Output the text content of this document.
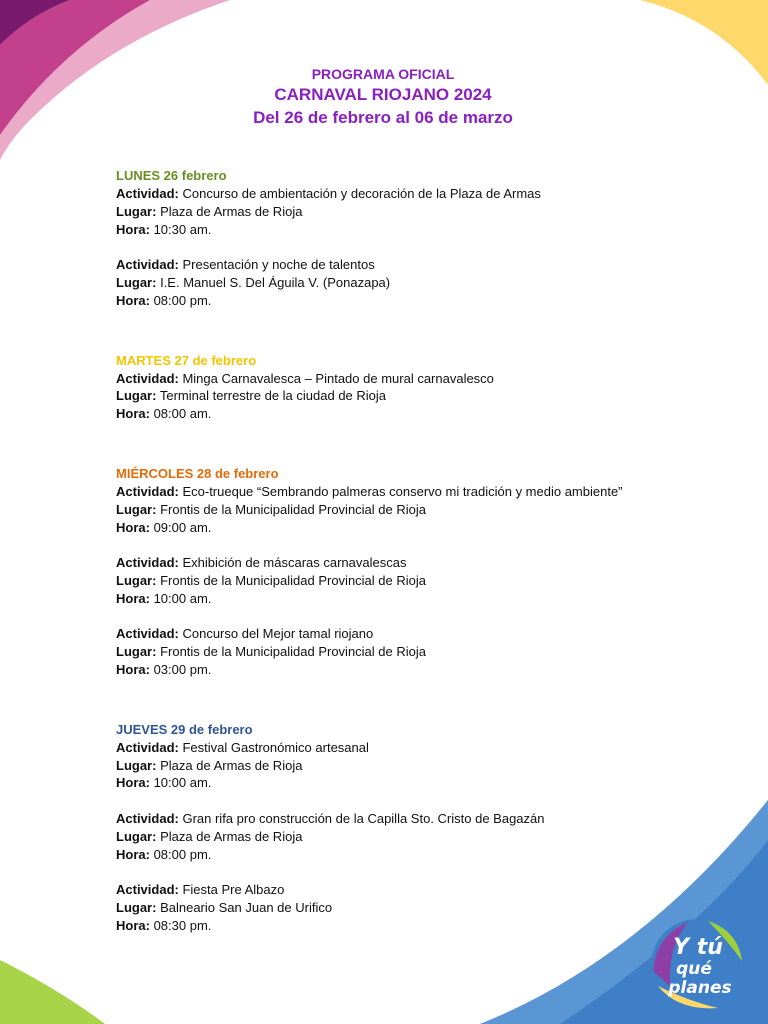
PROGRAMA OFICIAL
CARNAVAL RIOJANO 2024
Del 26 de febrero al 06 de marzo
LUNES 26 febrero
Actividad: Concurso de ambientación y decoración de la Plaza de Armas
Lugar: Plaza de Armas de Rioja
Hora: 10:30 am.
Actividad: Presentación y noche de talentos
Lugar: I.E. Manuel S. Del Águila V. (Ponazapa)
Hora: 08:00 pm.
MARTES 27 de febrero
Actividad: Minga Carnavalesca – Pintado de mural carnavalesco
Lugar: Terminal terrestre de la ciudad de Rioja
Hora: 08:00 am.
MIÉRCOLES 28 de febrero
Actividad: Eco-trueque “Sembrando palmeras conservo mi tradición y medio ambiente”
Lugar: Frontis de la Municipalidad Provincial de Rioja
Hora: 09:00 am.
Actividad: Exhibición de máscaras carnavalescas
Lugar: Frontis de la Municipalidad Provincial de Rioja
Hora: 10:00 am.
Actividad: Concurso del Mejor tamal riojano
Lugar: Frontis de la Municipalidad Provincial de Rioja
Hora: 03:00 pm.
JUEVES 29 de febrero
Actividad: Festival Gastronómico artesanal
Lugar: Plaza de Armas de Rioja
Hora: 10:00 am.
Actividad: Gran rifa pro construcción de la Capilla Sto. Cristo de Bagazán
Lugar: Plaza de Armas de Rioja
Hora: 08:00 pm.
Actividad: Fiesta Pre Albazo
Lugar: Balneario San Juan de Urifico
Hora: 08:30 pm.
Y tú
qué
planes
